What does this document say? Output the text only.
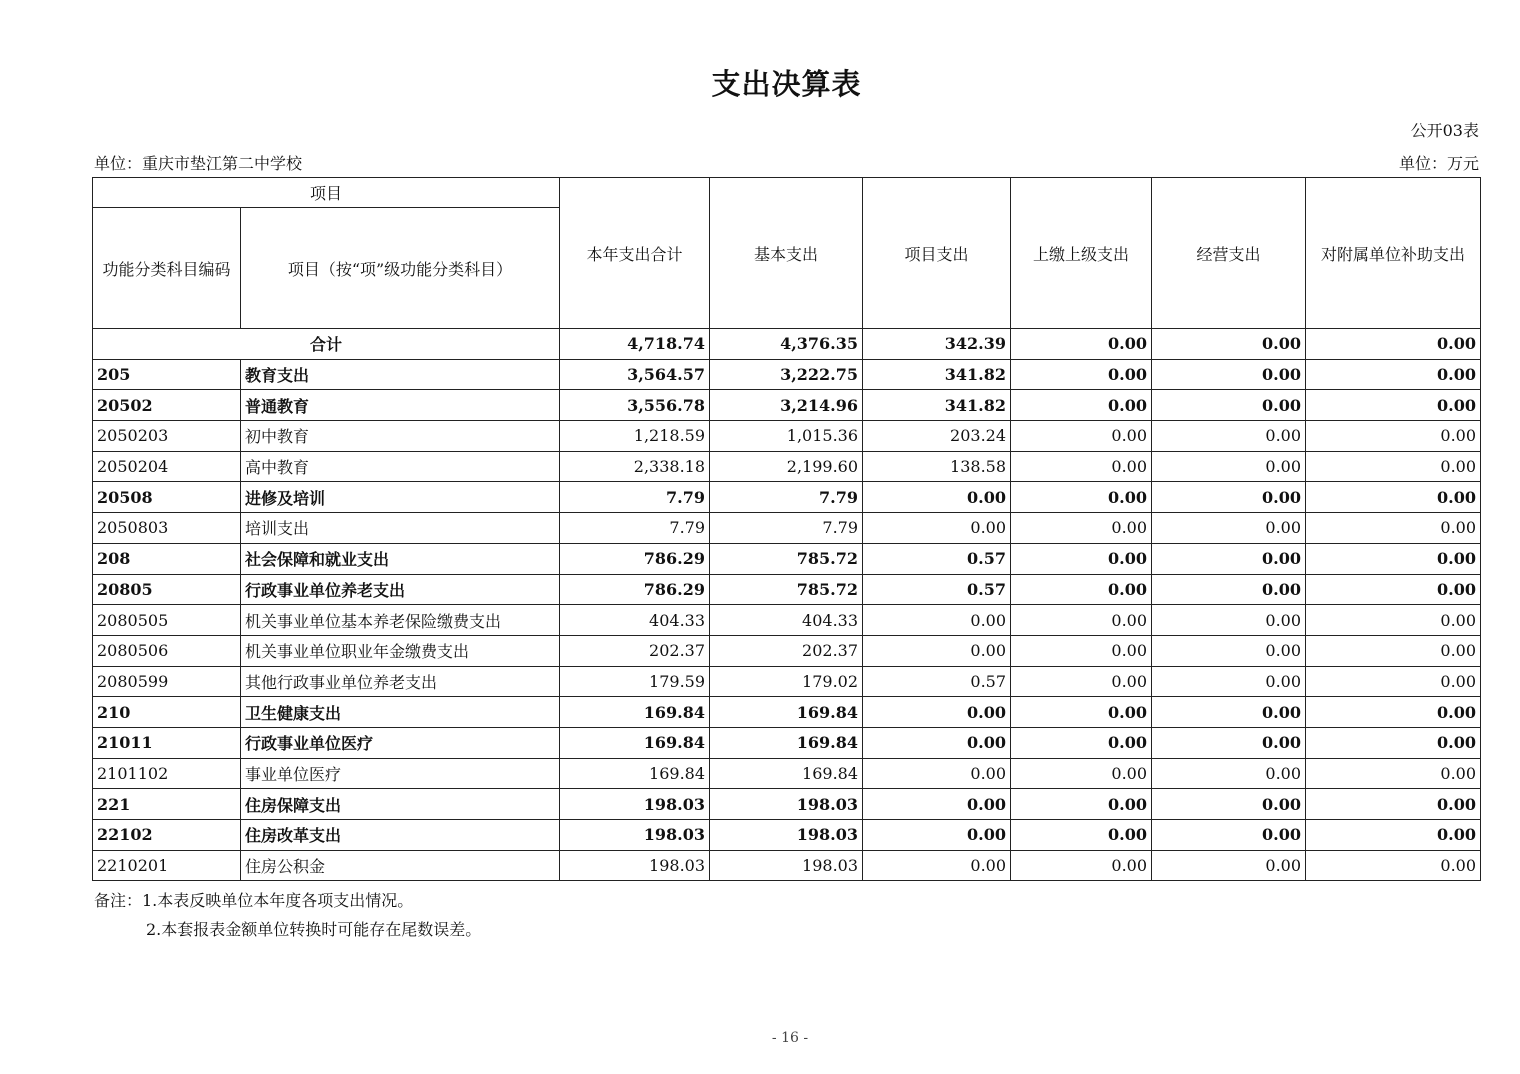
支出决算表
公开03表
单位：重庆市垫江第二中学校	单位：万元
项目		本年支出合计	基本支出	项目支出	上缴上级支出	经营支出	对附属单位补助支出
功能分类科目编码	项目（按“项”级功能分类科目）						
合计		4,718.74	4,376.35	342.39	0.00	0.00	0.00
205	教育支出	3,564.57	3,222.75	341.82	0.00	0.00	0.00
20502	普通教育	3,556.78	3,214.96	341.82	0.00	0.00	0.00
2050203	初中教育	1,218.59	1,015.36	203.24	0.00	0.00	0.00
2050204	高中教育	2,338.18	2,199.60	138.58	0.00	0.00	0.00
20508	进修及培训	7.79	7.79	0.00	0.00	0.00	0.00
2050803	培训支出	7.79	7.79	0.00	0.00	0.00	0.00
208	社会保障和就业支出	786.29	785.72	0.57	0.00	0.00	0.00
20805	行政事业单位养老支出	786.29	785.72	0.57	0.00	0.00	0.00
2080505	机关事业单位基本养老保险缴费支出	404.33	404.33	0.00	0.00	0.00	0.00
2080506	机关事业单位职业年金缴费支出	202.37	202.37	0.00	0.00	0.00	0.00
2080599	其他行政事业单位养老支出	179.59	179.02	0.57	0.00	0.00	0.00
210	卫生健康支出	169.84	169.84	0.00	0.00	0.00	0.00
21011	行政事业单位医疗	169.84	169.84	0.00	0.00	0.00	0.00
2101102	事业单位医疗	169.84	169.84	0.00	0.00	0.00	0.00
221	住房保障支出	198.03	198.03	0.00	0.00	0.00	0.00
22102	住房改革支出	198.03	198.03	0.00	0.00	0.00	0.00
2210201	住房公积金	198.03	198.03	0.00	0.00	0.00	0.00
备注：1.本表反映单位本年度各项支出情况。
2.本套报表金额单位转换时可能存在尾数误差。
- 16 -
